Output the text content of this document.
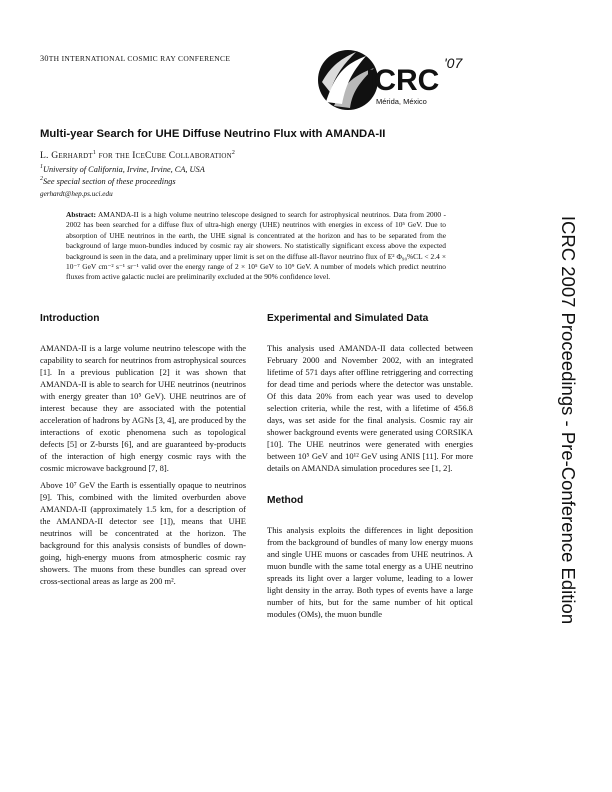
30TH INTERNATIONAL COSMIC RAY CONFERENCE
ICRC
'07
Mérida, México
ICRC 2007 Proceedings - Pre-Conference Edition
Multi-year Search for UHE Diffuse Neutrino Flux with AMANDA-II
L. Gerhardt$^1$ for the IceCube Collaboration$^2$
$^1$University of California, Irvine, Irvine, CA, USA
$^2$See special section of these proceedings
gerhardt@hep.ps.uci.edu
Abstract: AMANDA-II is a high volume neutrino telescope designed to search for astrophysical neutrinos. Data from 2000 - 2002 has been searched for a diffuse flux of ultra-high energy (UHE) neutrinos with energies in excess of 10⁵ GeV. Due to absorption of UHE neutrinos in the earth, the UHE signal is concentrated at the horizon and has to be separated from the background of large muon-bundles induced by cosmic ray air showers. No statistically significant excess above the expected background is seen in the data, and a preliminary upper limit is set on the diffuse all-flavor neutrino flux of E² Φ₉₀%CL < 2.4 × 10⁻⁷ GeV cm⁻² s⁻¹ sr⁻¹ valid over the energy range of 2 × 10⁵ GeV to 10⁹ GeV. A number of models which predict neutrino fluxes from active galactic nuclei are preliminarily excluded at the 90% confidence level.
Introduction

AMANDA-II is a large volume neutrino telescope with the capability to search for neutrinos from astrophysical sources [1]. In a previous publication [2] it was shown that AMANDA-II is able to search for UHE neutrinos (neutrinos with energy greater than 10⁵ GeV). UHE neutrinos are of interest because they are associated with the potential acceleration of hadrons by AGNs [3, 4], are produced by the interactions of exotic phenomena such as topological defects [5] or Z-bursts [6], and are guaranteed by-products of the interaction of high energy cosmic rays with the cosmic microwave background [7, 8].

Above 10⁷ GeV the Earth is essentially opaque to neutrinos [9]. This, combined with the limited overburden above AMANDA-II (approximately 1.5 km, for a description of the AMANDA-II detector see [1]), means that UHE neutrinos will be concentrated at the horizon. The background for this analysis consists of bundles of down-going, high-energy muons from atmospheric cosmic ray showers. The muons from these bundles can spread over cross-sectional areas as large as 200 m².

Experimental and Simulated Data

This analysis used AMANDA-II data collected between February 2000 and November 2002, with an integrated lifetime of 571 days after offline retriggering and correcting for dead time and periods where the detector was unstable. Of this data 20% from each year was used to develop selection criteria, while the rest, with a lifetime of 456.8 days, was set aside for the final analysis. Cosmic ray air shower background events were generated using CORSIKA [10]. The UHE neutrinos were generated with energies between 10⁵ GeV and 10¹² GeV using ANIS [11]. For more details on AMANDA simulation procedures see [1, 2].

Method

This analysis exploits the differences in light deposition from the background of bundles of many low energy muons and single UHE muons or cascades from UHE neutrinos. A muon bundle with the same total energy as a UHE neutrino spreads its light over a larger volume, leading to a lower light density in the array. Both types of events have a large number of hits, but for the same number of hit optical modules (OMs), the muon bundle
